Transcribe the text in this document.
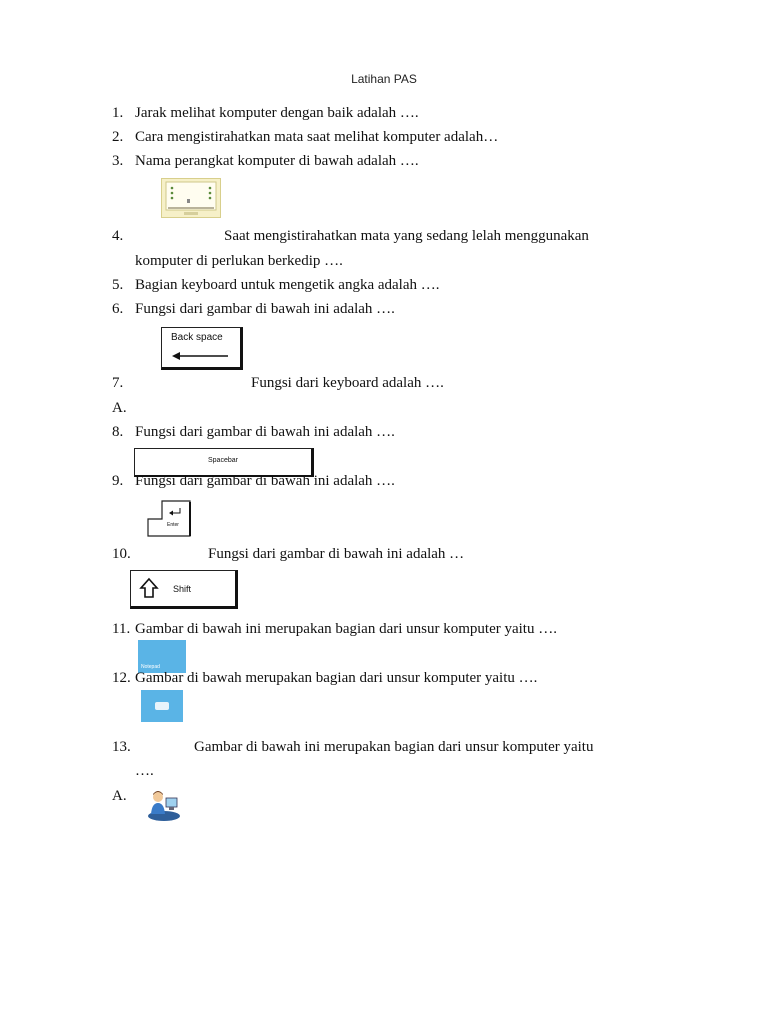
Latihan PAS
1. Jarak melihat komputer dengan baik adalah ….
2. Cara mengistirahatkan mata saat melihat komputer adalah…
3. Nama perangkat komputer di bawah adalah ….
4.	Saat mengistirahatkan mata yang sedang lelah menggunakan
komputer di perlukan berkedip ….
5. Bagian keyboard untuk mengetik angka adalah ….
6. Fungsi dari gambar di bawah ini adalah ….
Back space
7.	Fungsi dari keyboard adalah ….
A.
8. Fungsi dari gambar di bawah ini adalah ….
Spacebar
9. Fungsi dari gambar di bawah ini adalah ….
Enter
10.	Fungsi dari gambar di bawah ini adalah …
Shift
11. Gambar di bawah ini merupakan bagian dari unsur komputer yaitu ….
Notepad
12. Gambar di bawah merupakan bagian dari unsur komputer yaitu ….
13.	Gambar di bawah ini merupakan bagian dari unsur komputer yaitu
….
A.
